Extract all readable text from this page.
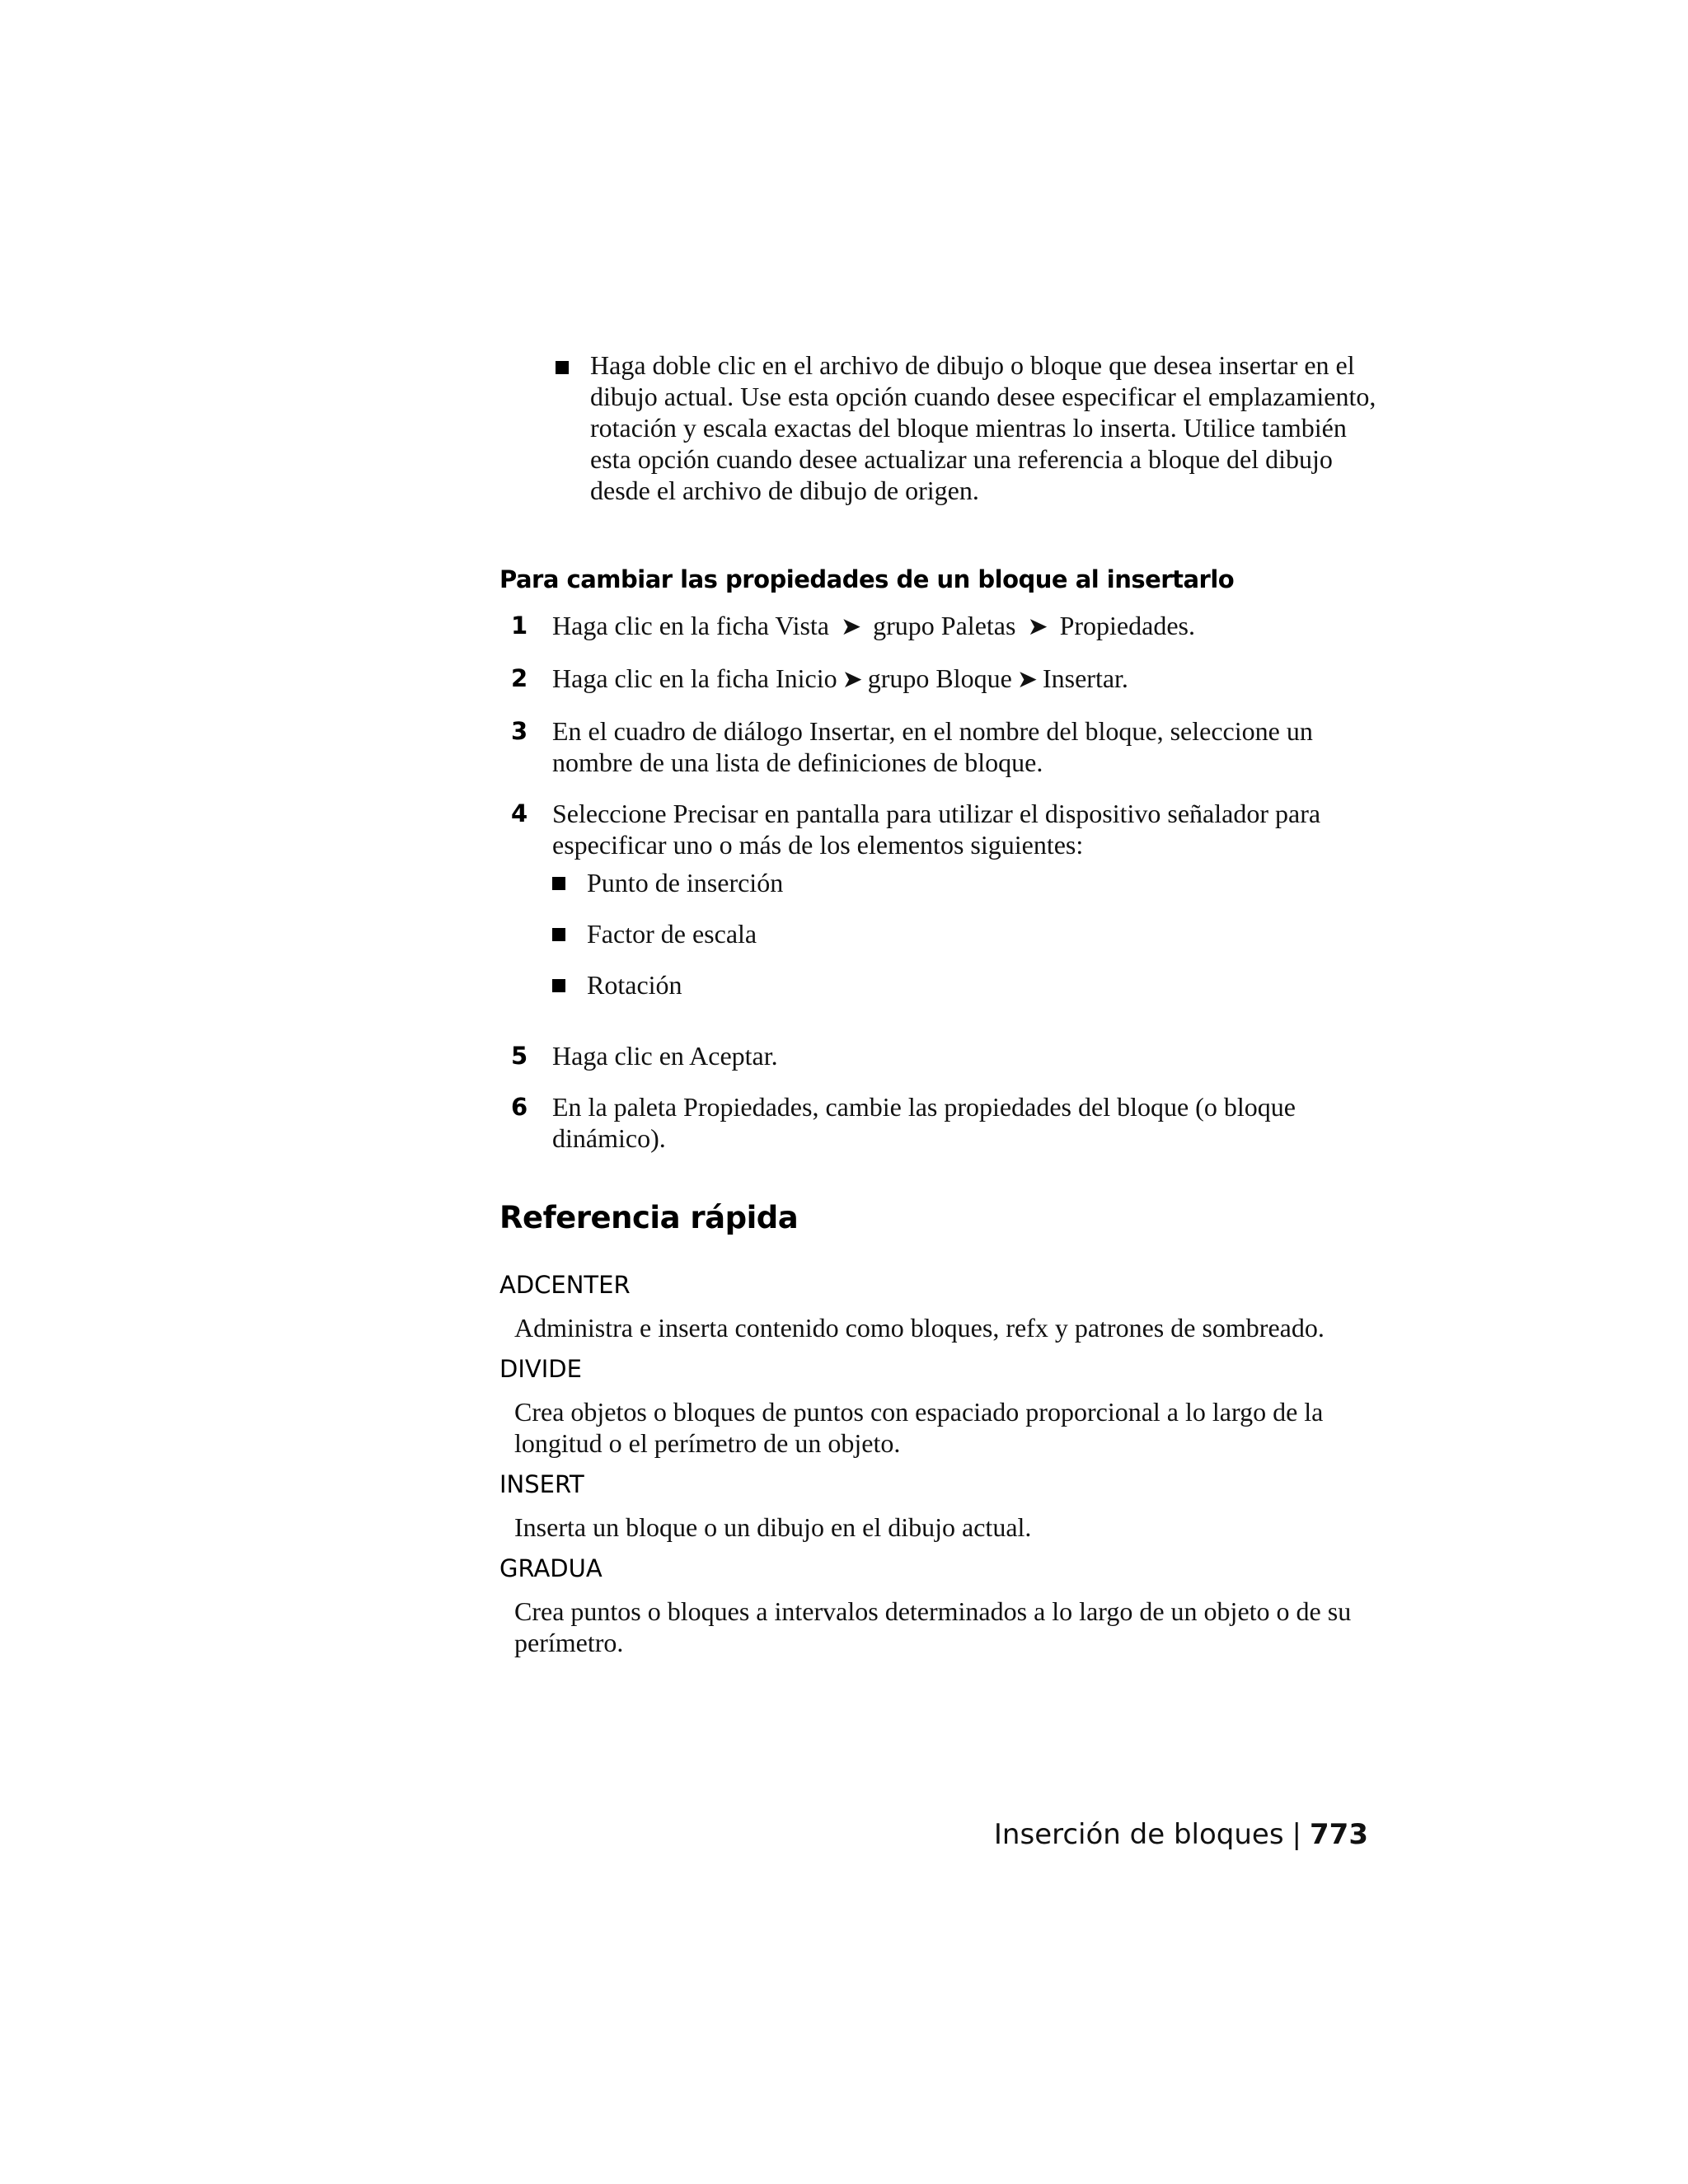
Haga doble clic en el archivo de dibujo o bloque que desea insertar en el dibujo actual. Use esta opción cuando desee especificar el emplazamiento, rotación y escala exactas del bloque mientras lo inserta. Utilice también esta opción cuando desee actualizar una referencia a bloque del dibujo desde el archivo de dibujo de origen.
Para cambiar las propiedades de un bloque al insertarlo
1 Haga clic en la ficha Vista ➤ grupo Paletas ➤ Propiedades.
2 Haga clic en la ficha Inicio ➤ grupo Bloque ➤ Insertar.
3 En el cuadro de diálogo Insertar, en el nombre del bloque, seleccione un nombre de una lista de definiciones de bloque.
4 Seleccione Precisar en pantalla para utilizar el dispositivo señalador para especificar uno o más de los elementos siguientes:
Punto de inserción
Factor de escala
Rotación
5 Haga clic en Aceptar.
6 En la paleta Propiedades, cambie las propiedades del bloque (o bloque dinámico).
Referencia rápida
ADCENTER
Administra e inserta contenido como bloques, refx y patrones de sombreado.
DIVIDE
Crea objetos o bloques de puntos con espaciado proporcional a lo largo de la longitud o el perímetro de un objeto.
INSERT
Inserta un bloque o un dibujo en el dibujo actual.
GRADUA
Crea puntos o bloques a intervalos determinados a lo largo de un objeto o de su perímetro.
Inserción de bloques | 773
